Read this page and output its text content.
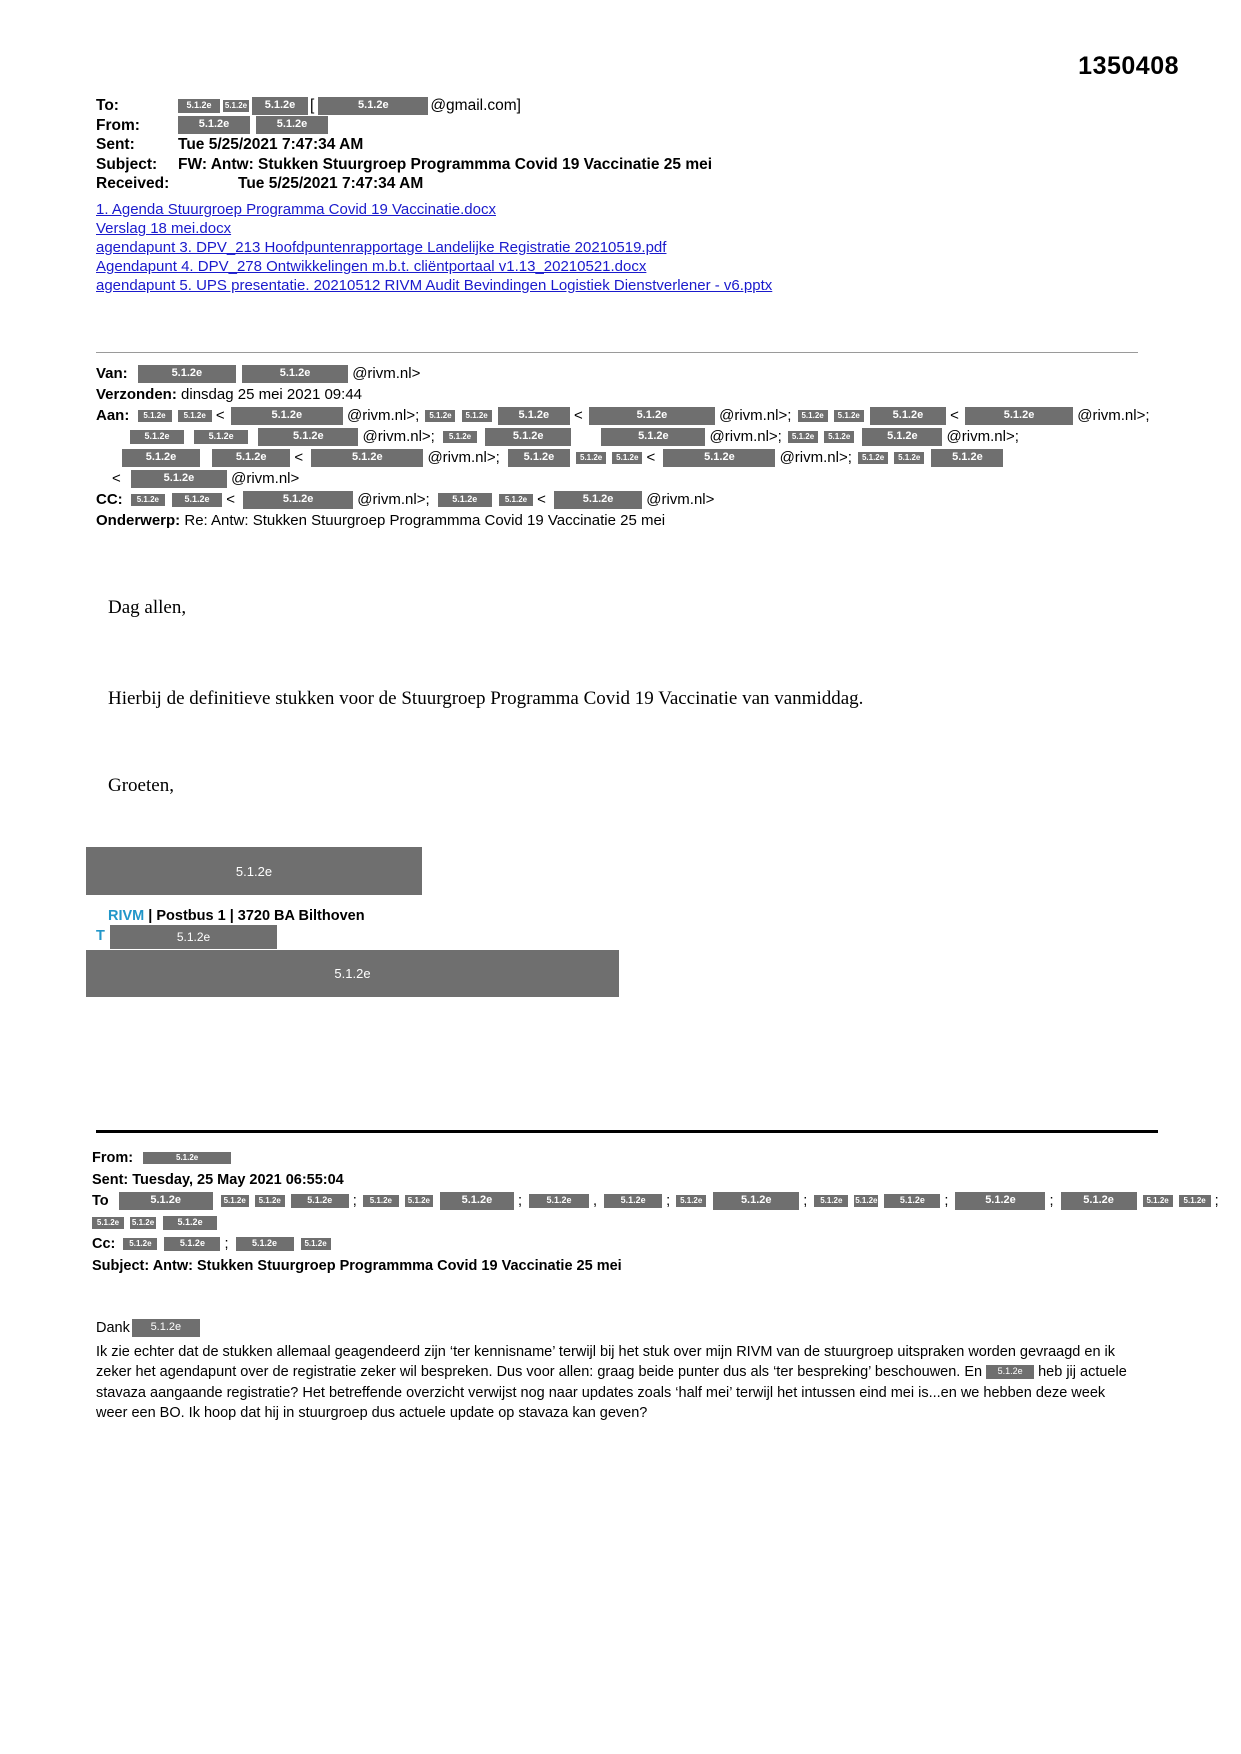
1350408
To:	5.1.2e	5.1.2e	5.1.2e [	5.1.2e	@gmail.com]
From:	5.1.2e	5.1.2e
Sent:	Tue 5/25/2021 7:47:34 AM
Subject:	FW: Antw: Stukken Stuurgroep Programmma Covid 19 Vaccinatie 25 mei
Received:	Tue 5/25/2021 7:47:34 AM
1. Agenda Stuurgroep Programma Covid 19 Vaccinatie.docx
Verslag 18 mei.docx
agendapunt 3. DPV_213 Hoofdpuntenrapportage Landelijke Registratie 20210519.pdf
Agendapunt 4. DPV_278 Ontwikkelingen m.b.t. cliëntportaal v1.13_20210521.docx
agendapunt 5. UPS presentatie. 20210512 RIVM Audit Bevindingen Logistiek Dienstverlener - v6.pptx
Van:	5.1.2e	5.1.2e	@rivm.nl>
Verzonden: dinsdag 25 mei 2021 09:44
Aan: 5.1.2e 5.1.2e <	5.1.2e	@rivm.nl>; 5.1.2e 5.1.2e	5.1.2e <	5.1.2e	@rivm.nl>; 5.1.2e 5.1.2e	5.1.2e <	5.1.2e	@rivm.nl>;
5.1.2e	5.1.2e	5.1.2e	@rivm.nl>; 5.1.2e	5.1.2e	5.1.2e	@rivm.nl>; 5.1.2e 5.1.2e	5.1.2e @rivm.nl>;
5.1.2e	5.1.2e <	5.1.2e	@rivm.nl>; 5.1.2e	5.1.2e 5.1.2e <	5.1.2e	@rivm.nl>; 5.1.2e 5.1.2e	5.1.2e
<	5.1.2e @rivm.nl>
CC: 5.1.2e	5.1.2e <	5.1.2e	@rivm.nl>;	5.1.2e	5.1.2e <	5.1.2e @rivm.nl>
Onderwerp: Re: Antw: Stukken Stuurgroep Programmma Covid 19 Vaccinatie 25 mei
Dag allen,
Hierbij de definitieve stukken voor de Stuurgroep Programma Covid 19 Vaccinatie van vanmiddag.
Groeten,
5.1.2e
RIVM | Postbus 1 | 3720 BA Bilthoven
T	5.1.2e
5.1.2e
From:	5.1.2e
Sent: Tuesday, 25 May 2021 06:55:04
To	5.1.2e	5.1.2e 5.1.2e	5.1.2e ; 5.1.2e 5.1.2e	5.1.2e ;	5.1.2e ,	5.1.2e ; 5.1.2e	5.1.2e ; 5.1.2e 5.1.2e 5.1.2e ;	5.1.2e ;	5.1.2e	5.1.2e 5.1.2e ;
5.1.2e 5.1.2e	5.1.2e
Cc: 5.1.2e	5.1.2e ;	5.1.2e	5.1.2e
Subject: Antw: Stukken Stuurgroep Programmma Covid 19 Vaccinatie 25 mei
Dank 5.1.2e

Ik zie echter dat de stukken allemaal geagendeerd zijn ‘ter kennisname’ terwijl bij het stuk over mijn RIVM van de stuurgroep uitspraken worden gevraagd en ik zeker het agendapunt over de registratie zeker wil bespreken. Dus voor allen: graag beide punter dus als ‘ter bespreking’ beschouwen. En 5.1.2e heb jij actuele stavaza aangaande registratie? Het betreffende overzicht verwijst nog naar updates zoals ‘half mei’ terwijl het intussen eind mei is...en we hebben deze week weer een BO. Ik hoop dat hij in stuurgroep dus actuele update op stavaza kan geven?
